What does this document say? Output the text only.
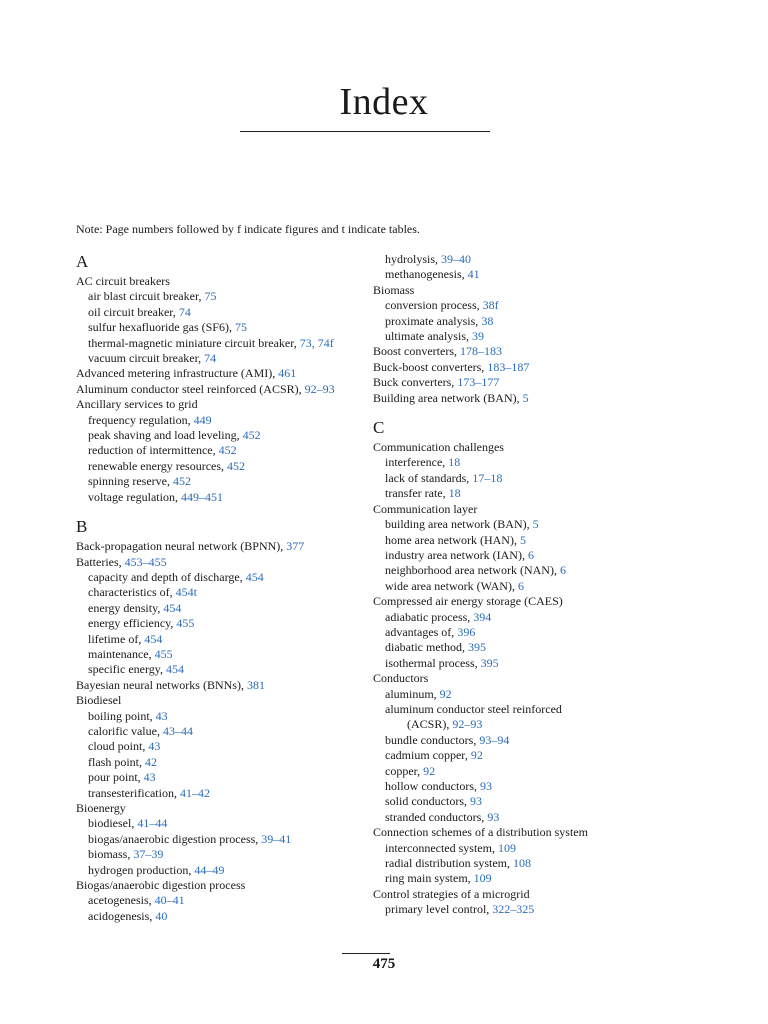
Index
Note: Page numbers followed by f indicate figures and t indicate tables.
A
AC circuit breakers
air blast circuit breaker, 75
oil circuit breaker, 74
sulfur hexafluoride gas (SF6), 75
thermal-magnetic miniature circuit breaker, 73, 74f
vacuum circuit breaker, 74
Advanced metering infrastructure (AMI), 461
Aluminum conductor steel reinforced (ACSR), 92–93
Ancillary services to grid
frequency regulation, 449
peak shaving and load leveling, 452
reduction of intermittence, 452
renewable energy resources, 452
spinning reserve, 452
voltage regulation, 449–451
B
Back-propagation neural network (BPNN), 377
Batteries, 453–455
capacity and depth of discharge, 454
characteristics of, 454t
energy density, 454
energy efficiency, 455
lifetime of, 454
maintenance, 455
specific energy, 454
Bayesian neural networks (BNNs), 381
Biodiesel
boiling point, 43
calorific value, 43–44
cloud point, 43
flash point, 42
pour point, 43
transesterification, 41–42
Bioenergy
biodiesel, 41–44
biogas/anaerobic digestion process, 39–41
biomass, 37–39
hydrogen production, 44–49
Biogas/anaerobic digestion process
acetogenesis, 40–41
acidogenesis, 40
hydrolysis, 39–40
methanogenesis, 41
Biomass
conversion process, 38f
proximate analysis, 38
ultimate analysis, 39
Boost converters, 178–183
Buck-boost converters, 183–187
Buck converters, 173–177
Building area network (BAN), 5
C
Communication challenges
interference, 18
lack of standards, 17–18
transfer rate, 18
Communication layer
building area network (BAN), 5
home area network (HAN), 5
industry area network (IAN), 6
neighborhood area network (NAN), 6
wide area network (WAN), 6
Compressed air energy storage (CAES)
adiabatic process, 394
advantages of, 396
diabatic method, 395
isothermal process, 395
Conductors
aluminum, 92
aluminum conductor steel reinforced
(ACSR), 92–93
bundle conductors, 93–94
cadmium copper, 92
copper, 92
hollow conductors, 93
solid conductors, 93
stranded conductors, 93
Connection schemes of a distribution system
interconnected system, 109
radial distribution system, 108
ring main system, 109
Control strategies of a microgrid
primary level control, 322–325
475
